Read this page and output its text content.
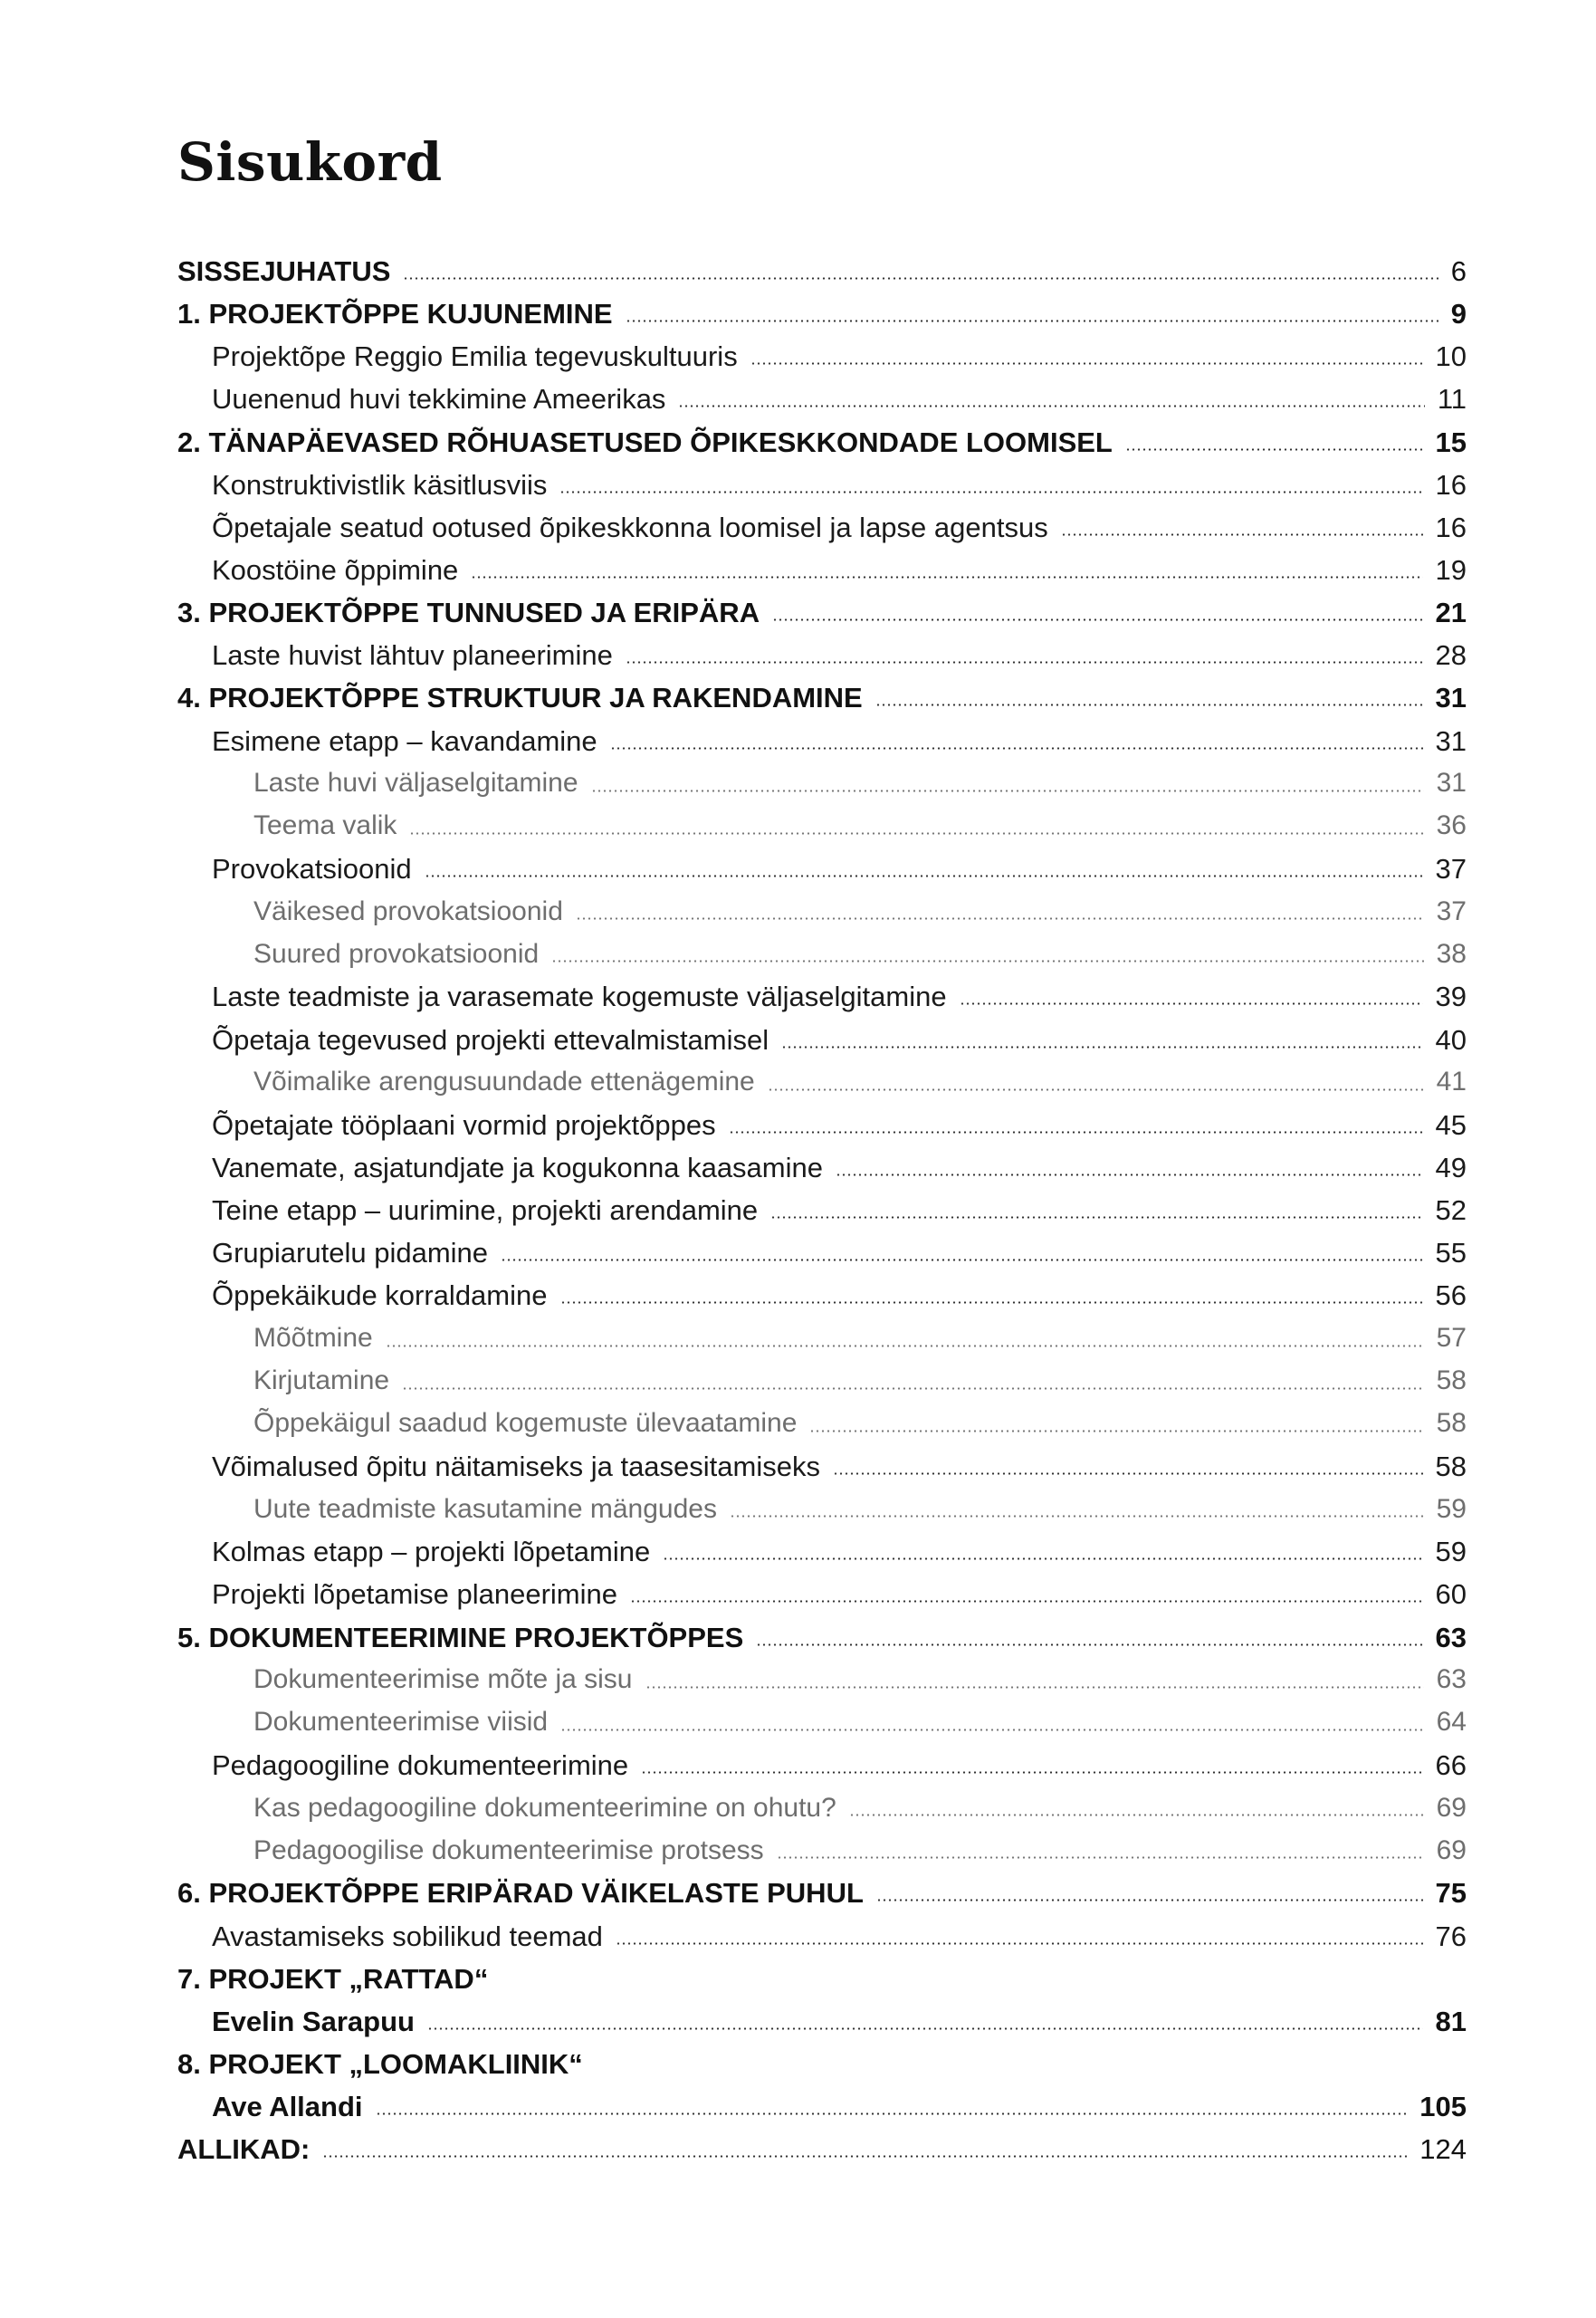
Sisukord
SISSEJUHATUS	6
1. PROJEKTÕPPE KUJUNEMINE	9
Projektõpe Reggio Emilia tegevuskultuuris	10
Uuenenud huvi tekkimine Ameerikas	11
2. TÄNAPÄEVASED RÕHUASETUSED ÕPIKESKKONDADE LOOMISEL	15
Konstruktivistlik käsitlusviis	16
Õpetajale seatud ootused õpikeskkonna loomisel ja lapse agentsus	16
Koostöine õppimine	19
3. PROJEKTÕPPE TUNNUSED JA ERIPÄRA	21
Laste huvist lähtuv planeerimine	28
4. PROJEKTÕPPE STRUKTUUR JA RAKENDAMINE	31
Esimene etapp – kavandamine	31
Laste huvi väljaselgitamine	31
Teema valik	36
Provokatsioonid	37
Väikesed provokatsioonid	37
Suured provokatsioonid	38
Laste teadmiste ja varasemate kogemuste väljaselgitamine	39
Õpetaja tegevused projekti ettevalmistamisel	40
Võimalike arengusuundade ettenägemine	41
Õpetajate tööplaani vormid projektõppes	45
Vanemate, asjatundjate ja kogukonna kaasamine	49
Teine etapp – uurimine, projekti arendamine	52
Grupiarutelu pidamine	55
Õppekäikude korraldamine	56
Mõõtmine	57
Kirjutamine	58
Õppekäigul saadud kogemuste ülevaatamine	58
Võimalused õpitu näitamiseks ja taasesitamiseks	58
Uute teadmiste kasutamine mängudes	59
Kolmas etapp – projekti lõpetamine	59
Projekti lõpetamise planeerimine	60
5. DOKUMENTEERIMINE PROJEKTÕPPES	63
Dokumenteerimise mõte ja sisu	63
Dokumenteerimise viisid	64
Pedagoogiline dokumenteerimine	66
Kas pedagoogiline dokumenteerimine on ohutu?	69
Pedagoogilise dokumenteerimise protsess	69
6. PROJEKTÕPPE ERIPÄRAD VÄIKELASTE PUHUL	75
Avastamiseks sobilikud teemad	76
7. PROJEKT „RATTAD“
Evelin Sarapuu	81
8. PROJEKT „LOOMAKLIINIK“
Ave Allandi	105
ALLIKAD:	124
